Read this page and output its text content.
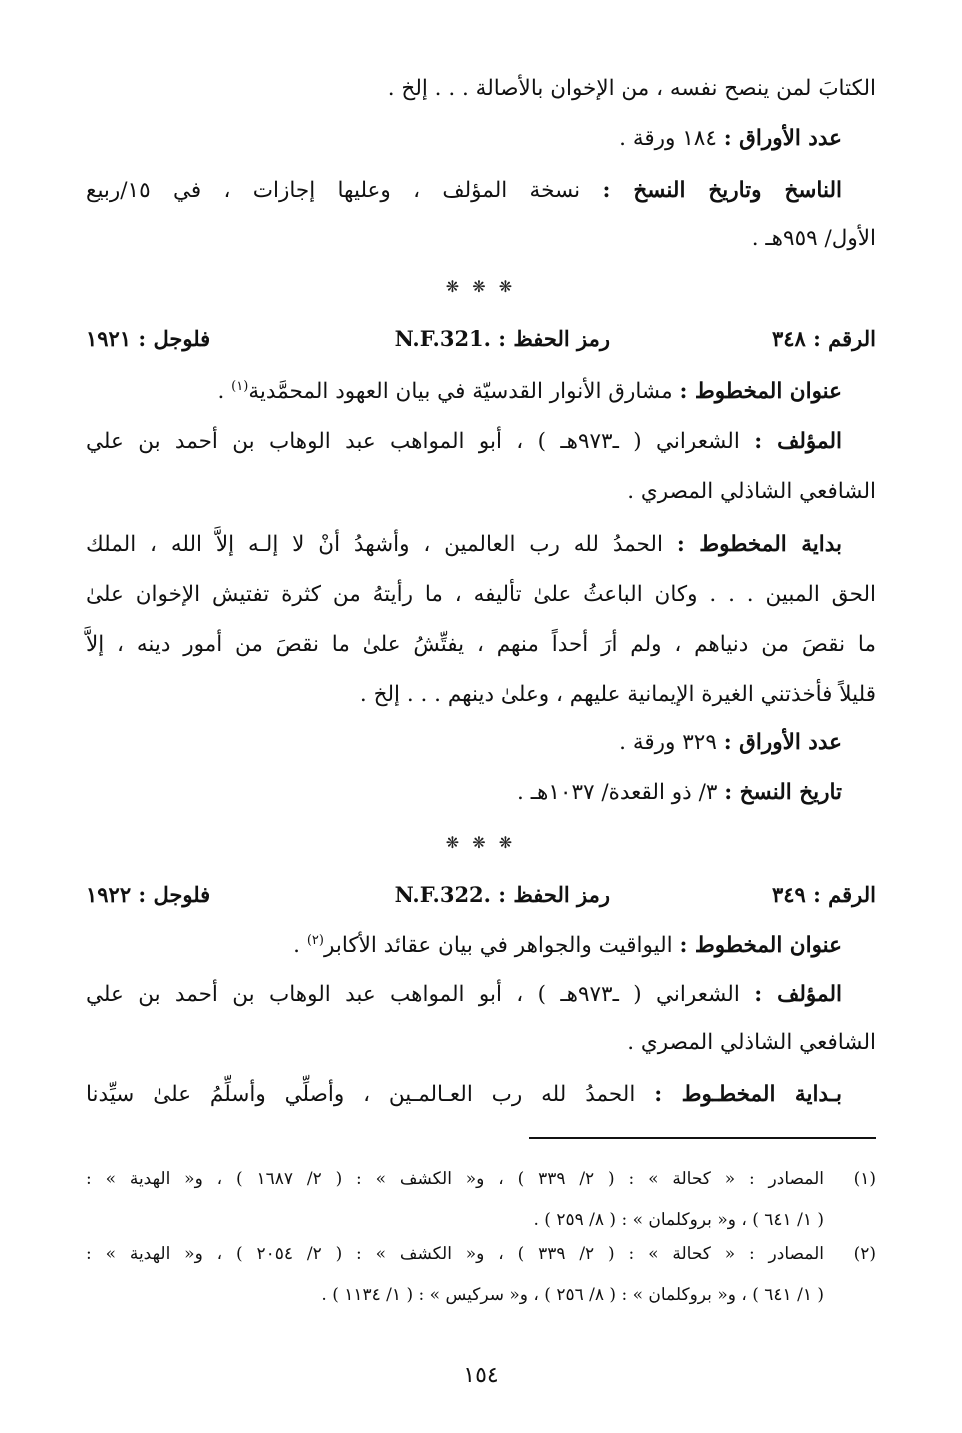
الكتابَ لمن ينصح نفسه ، من الإخوان بالأصالة . . . إلخ .
عدد الأوراق : ١٨٤ ورقة .
الناسخ وتاريخ النسخ : نسخة المؤلف ، وعليها إجازات ، في ١٥/ربيع
الأول/ ٩٥٩هـ .
❋ ❋ ❋
الرقم : ٣٤٨
رمز الحفظ : N.F.321.
فلوجل : ١٩٢١
عنوان المخطوط : مشارق الأنوار القدسيّة في بيان العهود المحمَّدية$^{(١)}$ .
المؤلف : الشعراني ( ـ٩٧٣هـ ) ، أبو المواهب عبد الوهاب بن أحمد بن علي
الشافعي الشاذلي المصري .
بداية المخطوط : الحمدُ لله رب العالمين ، وأشهدُ أنْ لا إلـه إلاَّ الله ، الملك
الحق المبين . . . وكان الباعثُ علىٰ تأليفه ، ما رأيتهُ من كثرة تفتيش الإخوان علىٰ
ما نقصَ من دنياهم ، ولم أرَ أحداً منهم ، يفتِّشُ علىٰ ما نقصَ من أمور دينه ، إلاَّ
قليلاً فأخذتني الغيرة الإيمانية عليهم ، وعلىٰ دينهم . . . إلخ .
عدد الأوراق : ٣٢٩ ورقة .
تاريخ النسخ : ٣/ ذو القعدة/ ١٠٣٧هـ .
❋ ❋ ❋
الرقم : ٣٤٩
رمز الحفظ : N.F.322.
فلوجل : ١٩٢٢
عنوان المخطوط : اليواقيت والجواهر في بيان عقائد الأكابر$^{(٢)}$ .
المؤلف : الشعراني ( ـ٩٧٣هـ ) ، أبو المواهب عبد الوهاب بن أحمد بن علي
الشافعي الشاذلي المصري .
بـداية المخطـوط : الحمدُ لله رب العـالمـين ، وأصلِّي وأسلِّمُ علىٰ سيِّدنا
(١)
المصادر : « كحالة » : ( ٢/ ٣٣٩ ) ، و« الكشف » : ( ٢/ ١٦٨٧ ) ، و« الهدية » :
( ١/ ٦٤١ ) ، و« بروكلمان » : ( ٨/ ٢٥٩ ) .
(٢)
المصادر : « كحالة » : ( ٢/ ٣٣٩ ) ، و« الكشف » : ( ٢/ ٢٠٥٤ ) ، و« الهدية » :
( ١/ ٦٤١ ) ، و« بروكلمان » : ( ٨/ ٢٥٦ ) ، و« سركيس » : ( ١/ ١١٣٤ ) .
١٥٤
